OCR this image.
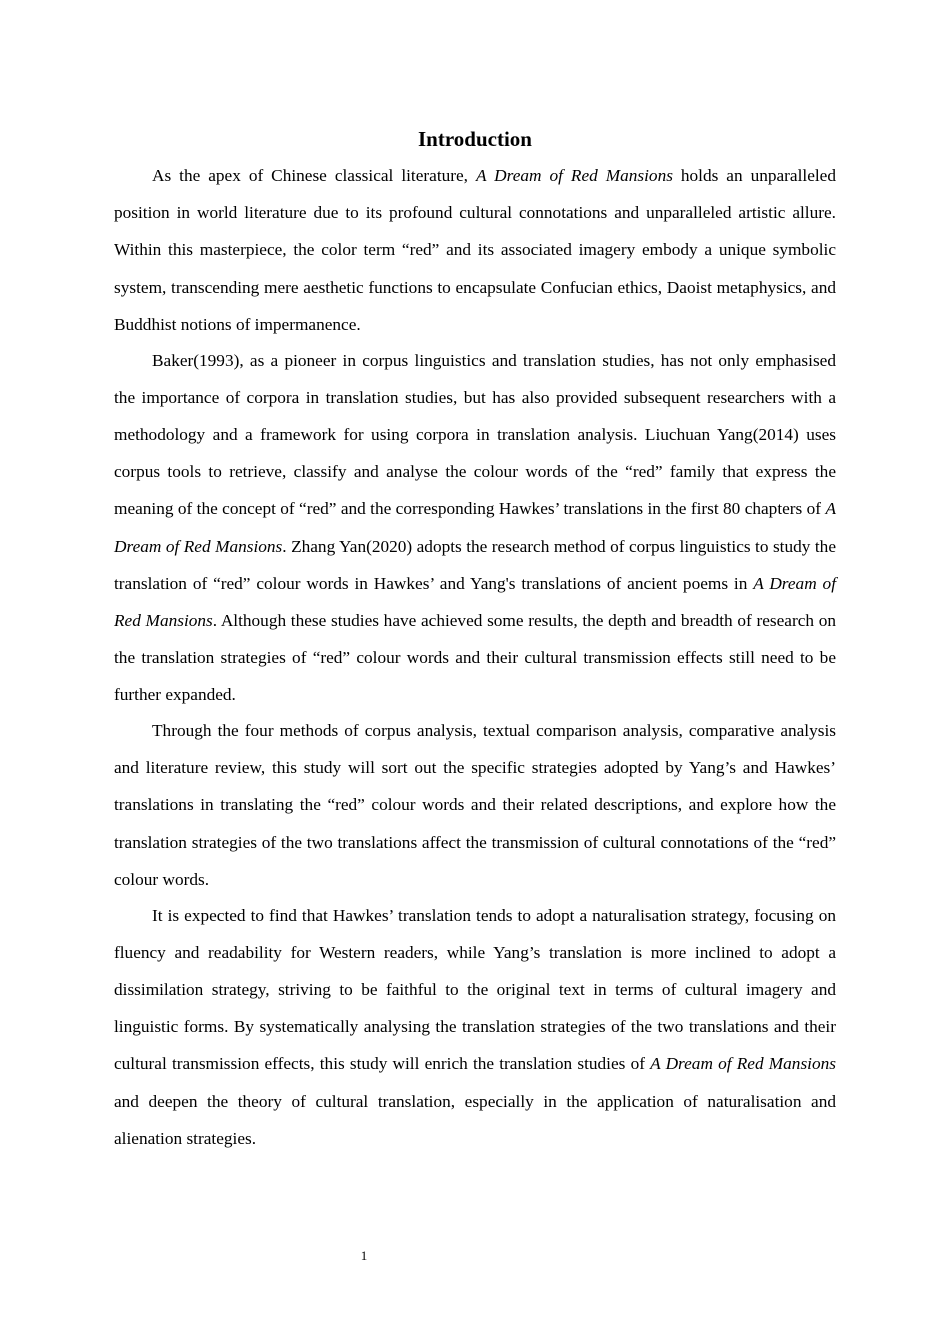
Introduction

As the apex of Chinese classical literature, A Dream of Red Mansions holds an unparalleled position in world literature due to its profound cultural connotations and unparalleled artistic allure. Within this masterpiece, the color term “red” and its associated imagery embody a unique symbolic system, transcending mere aesthetic functions to encapsulate Confucian ethics, Daoist metaphysics, and Buddhist notions of impermanence.

Baker(1993), as a pioneer in corpus linguistics and translation studies, has not only emphasised the importance of corpora in translation studies, but has also provided subsequent researchers with a methodology and a framework for using corpora in translation analysis. Liuchuan Yang(2014) uses corpus tools to retrieve, classify and analyse the colour words of the “red” family that express the meaning of the concept of “red” and the corresponding Hawkes’ translations in the first 80 chapters of A Dream of Red Mansions. Zhang Yan(2020) adopts the research method of corpus linguistics to study the translation of “red” colour words in Hawkes’ and Yang's translations of ancient poems in A Dream of Red Mansions. Although these studies have achieved some results, the depth and breadth of research on the translation strategies of “red” colour words and their cultural transmission effects still need to be further expanded.

Through the four methods of corpus analysis, textual comparison analysis, comparative analysis and literature review, this study will sort out the specific strategies adopted by Yang’s and Hawkes’ translations in translating the “red” colour words and their related descriptions, and explore how the translation strategies of the two translations affect the transmission of cultural connotations of the “red” colour words.

It is expected to find that Hawkes’ translation tends to adopt a naturalisation strategy, focusing on fluency and readability for Western readers, while Yang’s translation is more inclined to adopt a dissimilation strategy, striving to be faithful to the original text in terms of cultural imagery and linguistic forms. By systematically analysing the translation strategies of the two translations and their cultural transmission effects, this study will enrich the translation studies of A Dream of Red Mansions and deepen the theory of cultural translation, especially in the application of naturalisation and alienation strategies.

1
